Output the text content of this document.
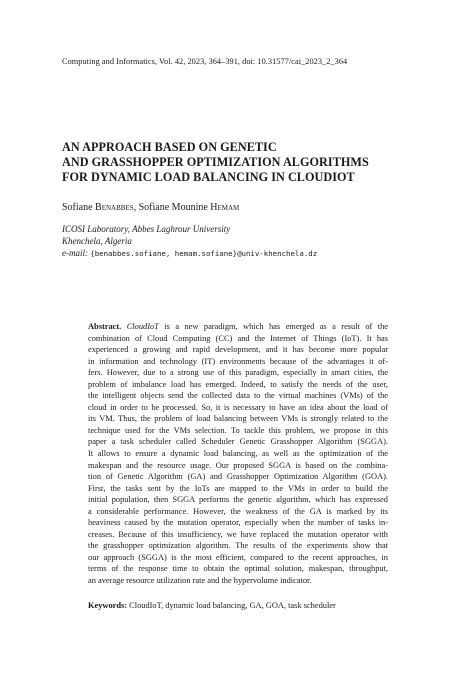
Computing and Informatics, Vol. 42, 2023, 364–391, doi: 10.31577/cai_2023_2_364
AN APPROACH BASED ON GENETIC
AND GRASSHOPPER OPTIMIZATION ALGORITHMS
FOR DYNAMIC LOAD BALANCING IN CLOUDIOT
Sofiane Benabbes, Sofiane Mounine Hemam
ICOSI Laboratory, Abbes Laghrour University
Khenchela, Algeria
e-mail: {benabbes.sofiane, hemam.sofiane}@univ-khenchela.dz
Abstract. CloudIoT is a new paradigm, which has emerged as a result of the
combination of Cloud Computing (CC) and the Internet of Things (IoT). It has
experienced a growing and rapid development, and it has become more popular
in information and technology (IT) environments because of the advantages it of-
fers. However, due to a strong use of this paradigm, especially in smart cities, the
problem of imbalance load has emerged. Indeed, to satisfy the needs of the user,
the intelligent objects send the collected data to the virtual machines (VMs) of the
cloud in order to be processed. So, it is necessary to have an idea about the load of
its VM. Thus, the problem of load balancing between VMs is strongly related to the
technique used for the VMs selection. To tackle this problem, we propose in this
paper a task scheduler called Scheduler Genetic Grasshopper Algorithm (SGGA).
It allows to ensure a dynamic load balancing, as well as the optimization of the
makespan and the resource usage. Our proposed SGGA is based on the combina-
tion of Genetic Algorithm (GA) and Grasshopper Optimization Algorithm (GOA).
First, the tasks sent by the IoTs are mapped to the VMs in order to build the
initial population, then SGGA performs the genetic algorithm, which has expressed
a considerable performance. However, the weakness of the GA is marked by its
heaviness caused by the mutation operator, especially when the number of tasks in-
creases. Because of this insufficiency, we have replaced the mutation operator with
the grasshopper optimization algorithm. The results of the experiments show that
our approach (SGGA) is the most efficient, compared to the recent approaches, in
terms of the response time to obtain the optimal solution, makespan, throughput,
an average resource utilization rate and the hypervolume indicator.
Keywords: CloudIoT, dynamic load balancing, GA, GOA, task scheduler
